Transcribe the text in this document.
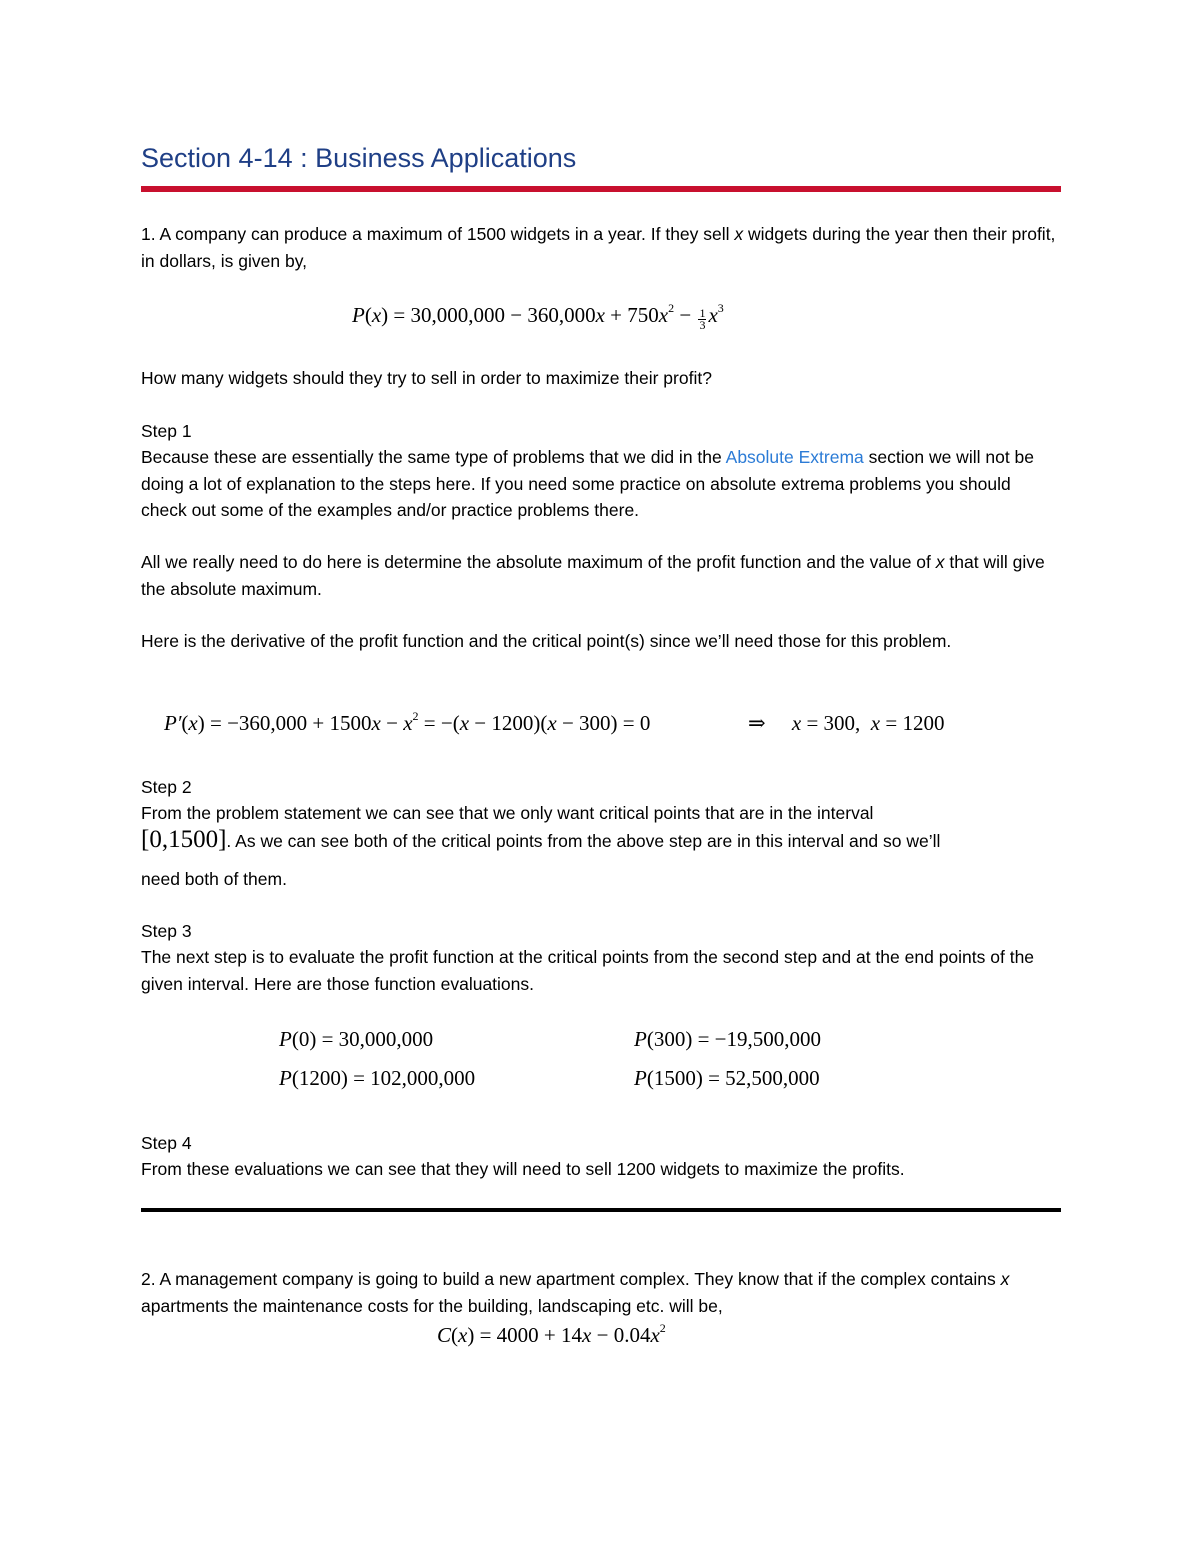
Section 4-14 : Business Applications
1. A company can produce a maximum of 1500 widgets in a year. If they sell x widgets during the year then their profit, in dollars, is given by,
$P(x) = 30,000,000 - 360,000x + 750x^2 - \frac{1}{3} x^3$
How many widgets should they try to sell in order to maximize their profit?
Step 1
Because these are essentially the same type of problems that we did in the Absolute Extrema section we will not be doing a lot of explanation to the steps here. If you need some practice on absolute extrema problems you should check out some of the examples and/or practice problems there.
All we really need to do here is determine the absolute maximum of the profit function and the value of x that will give the absolute maximum.
Here is the derivative of the profit function and the critical point(s) since we’ll need those for this problem.
$P'(x) = -360,000 + 1500x - x^2 = -(x - 1200)(x - 300) = 0$	⇒ x = 300, x = 1200
Step 2
From the problem statement we can see that we only want critical points that are in the interval
[0,1500]. As we can see both of the critical points from the above step are in this interval and so we’ll
need both of them.
Step 3
The next step is to evaluate the profit function at the critical points from the second step and at the end points of the given interval. Here are those function evaluations.
P(0) = 30,000,000	P(300) = −19,500,000
P(1200) = 102,000,000	P(1500) = 52,500,000
Step 4
From these evaluations we can see that they will need to sell 1200 widgets to maximize the profits.
2. A management company is going to build a new apartment complex. They know that if the complex contains x apartments the maintenance costs for the building, landscaping etc. will be,
$C(x) = 4000 + 14x - 0.04x^2$
